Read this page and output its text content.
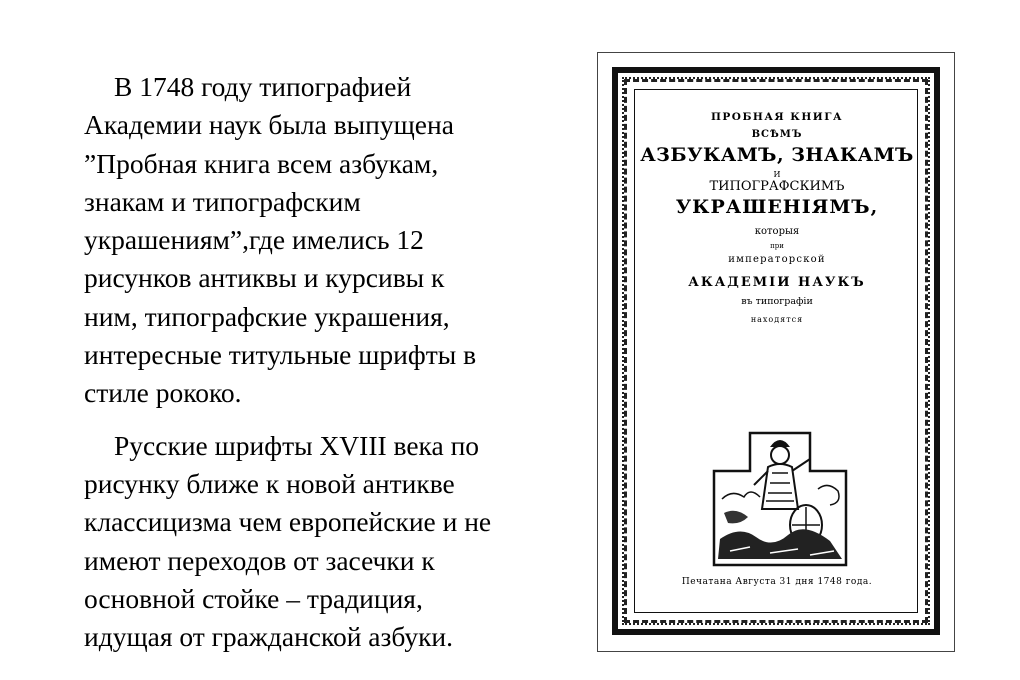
В 1748 году типографией
Академии наук была выпущена
”Пробная книга всем азбукам,
знакам и типографским
украшениям”,где имелись 12
рисунков антиквы и курсивы к
ним, типографские украшения,
интересные титульные шрифты в
стиле рококо.

Русские шрифты XVIII века по
рисунку ближе к новой антикве
классицизма чем европейские и не
имеют переходов от засечки к
основной стойке – традиция,
идущая от гражданской азбуки.

ПРОБНАЯ КНИГА
ВСѢМЪ
АЗБУКАМЪ, ЗНАКАМЪ
И
ТИПОГРАФСКИМЪ
УКРАШЕНIЯМЪ,
которыя
при
императорской
АКАДЕМIИ НАУКЪ
въ типографiи
находятся
Печатана Августа 31 дня 1748 года.
